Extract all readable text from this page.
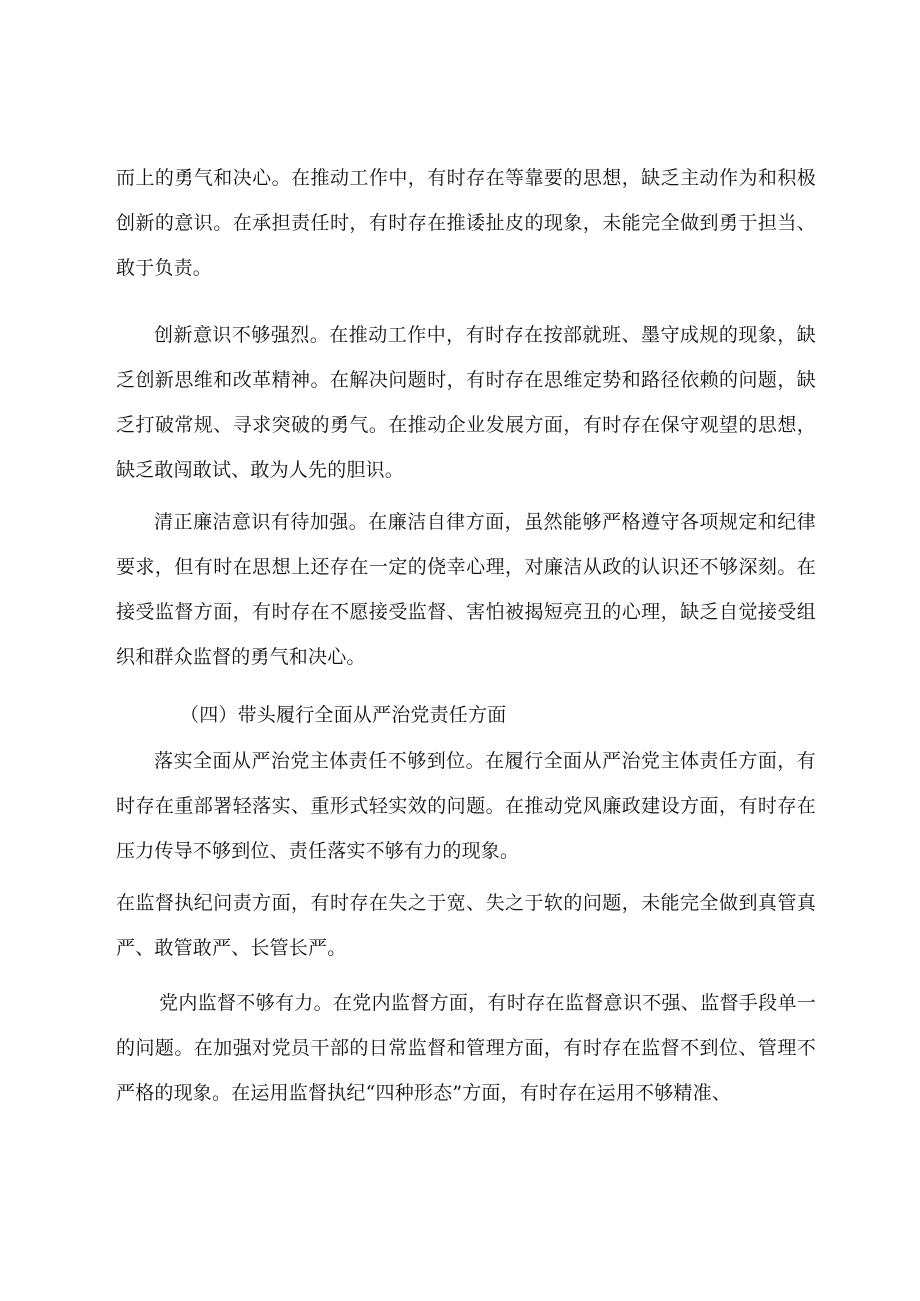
而上的勇气和决心。在推动工作中，有时存在等靠要的思想，缺乏主动作为和积极创新的意识。在承担责任时，有时存在推诿扯皮的现象，未能完全做到勇于担当、敢于负责。

创新意识不够强烈。在推动工作中，有时存在按部就班、墨守成规的现象，缺乏创新思维和改革精神。在解决问题时，有时存在思维定势和路径依赖的问题，缺乏打破常规、寻求突破的勇气。在推动企业发展方面，有时存在保守观望的思想，缺乏敢闯敢试、敢为人先的胆识。

清正廉洁意识有待加强。在廉洁自律方面，虽然能够严格遵守各项规定和纪律要求，但有时在思想上还存在一定的侥幸心理，对廉洁从政的认识还不够深刻。在接受监督方面，有时存在不愿接受监督、害怕被揭短亮丑的心理，缺乏自觉接受组织和群众监督的勇气和决心。

（四）带头履行全面从严治党责任方面

落实全面从严治党主体责任不够到位。在履行全面从严治党主体责任方面，有时存在重部署轻落实、重形式轻实效的问题。在推动党风廉政建设方面，有时存在压力传导不够到位、责任落实不够有力的现象。

在监督执纪问责方面，有时存在失之于宽、失之于软的问题，未能完全做到真管真严、敢管敢严、长管长严。

党内监督不够有力。在党内监督方面，有时存在监督意识不强、监督手段单一的问题。在加强对党员干部的日常监督和管理方面，有时存在监督不到位、管理不严格的现象。在运用监督执纪“四种形态”方面，有时存在运用不够精准、
